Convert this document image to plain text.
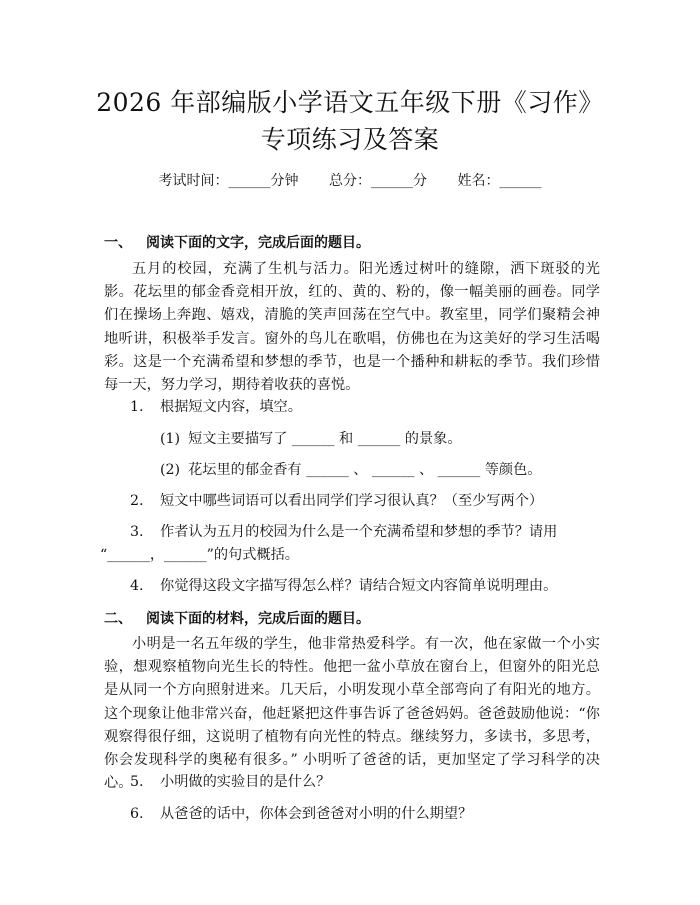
2026 年部编版小学语文五年级下册《习作》
专项练习及答案
考试时间：______分钟 总分：______分 姓名：______
一、 阅读下面的文字，完成后面的题目。
五月的校园，充满了生机与活力。阳光透过树叶的缝隙，洒下斑驳的光影。花坛里的郁金香竞相开放，红的、黄的、粉的，像一幅美丽的画卷。同学们在操场上奔跑、嬉戏，清脆的笑声回荡在空气中。教室里，同学们聚精会神地听讲，积极举手发言。窗外的鸟儿在歌唱，仿佛也在为这美好的学习生活喝彩。这是一个充满希望和梦想的季节，也是一个播种和耕耘的季节。我们珍惜每一天，努力学习，期待着收获的喜悦。
1. 根据短文内容，填空。
(1) 短文主要描写了 ______ 和 ______ 的景象。
(2) 花坛里的郁金香有 ______ 、 ______ 、 ______ 等颜色。
2. 短文中哪些词语可以看出同学们学习很认真？（至少写两个）
3. 作者认为五月的校园为什么是一个充满希望和梦想的季节？请用
“______，______”的句式概括。
4. 你觉得这段文字描写得怎么样？请结合短文内容简单说明理由。
二、 阅读下面的材料，完成后面的题目。
小明是一名五年级的学生，他非常热爱科学。有一次，他在家做一个小实验，想观察植物向光生长的特性。他把一盆小草放在窗台上，但窗外的阳光总是从同一个方向照射进来。几天后，小明发现小草全部弯向了有阳光的地方。这个现象让他非常兴奋，他赶紧把这件事告诉了爸爸妈妈。爸爸鼓励他说：“你观察得很仔细，这说明了植物有向光性的特点。继续努力，多读书，多思考，你会发现科学的奥秘有很多。” 小明听了爸爸的话，更加坚定了学习科学的决心。
5. 小明做的实验目的是什么？
6. 从爸爸的话中，你体会到爸爸对小明的什么期望？
